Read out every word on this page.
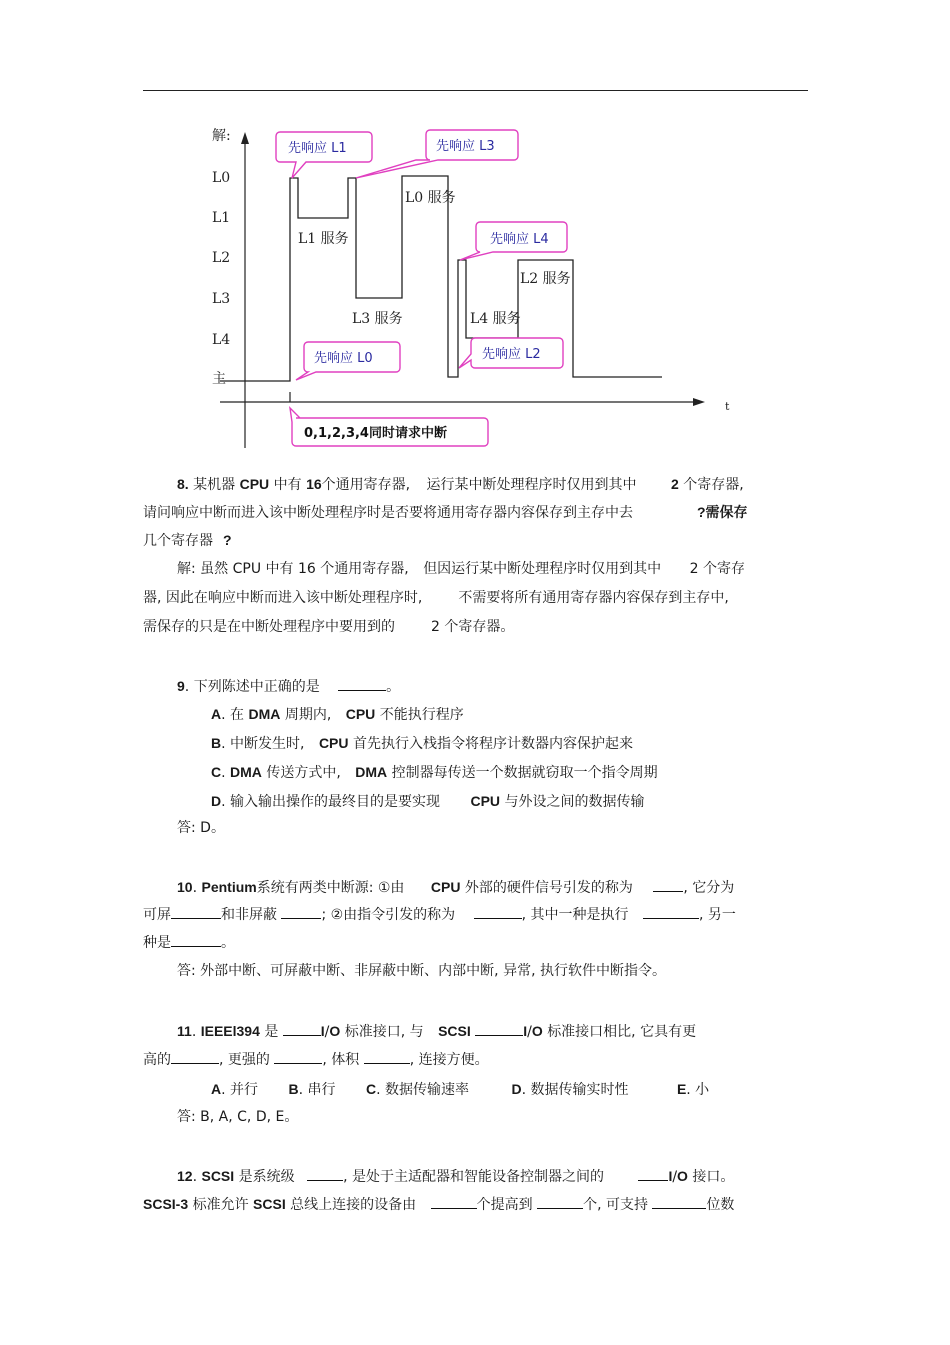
解:
L0
L1
L2
L3
L4
主
t
L0 服务
L1 服务
L3 服务	L4 服务
L2 服务
先响应 L1	先响应 L3
先响应 L4
先响应 L0	先响应 L2
0,1,2,3,4同时请求中断
8. 某机器 CPU 中有 16个通用寄存器, 运行某中断处理程序时仅用到其中 2 个寄存器,
请问响应中断而进入该中断处理程序时是否要将通用寄存器内容保存到主存中去	?需保存
几个寄存器 ?
解: 虽然 CPU 中有 16 个通用寄存器, 但因运行某中断处理程序时仅用到其中 2 个寄存
器, 因此在响应中断而进入该中断处理程序时,	不需要将所有通用寄存器内容保存到主存中,
需保存的只是在中断处理程序中要用到的	2 个寄存器。
9. 下列陈述中正确的是	。
A. 在 DMA 周期内, CPU 不能执行程序
B. 中断发生时, CPU 首先执行入栈指令将程序计数器内容保护起来
C. DMA 传送方式中, DMA 控制器每传送一个数据就窃取一个指令周期
D. 输入输出操作的最终目的是要实现 CPU 与外设之间的数据传输
答: D。
10. Pentium系统有两类中断源: ①由 CPU 外部的硬件信号引发的称为	, 它分为
可屏	和非屏蔽	; ②由指令引发的称为	, 其中一种是执行	, 另一
种是	。
答: 外部中断、可屏蔽中断、非屏蔽中断、内部中断, 异常, 执行软件中断指令。
11. IEEEl394 是	I/O 标准接口, 与 SCSI	I/O 标准接口相比, 它具有更
高的	, 更强的	, 体积	, 连接方便。
A. 并行 B. 串行 C. 数据传输速率	D. 数据传输实时性	E. 小
答: B, A, C, D, E。
12. SCSI 是系统级	, 是处于主适配器和智能设备控制器之间的	I/O 接口。
SCSI-3 标准允许 SCSI 总线上连接的设备由	个提高到	个, 可支持	位数
